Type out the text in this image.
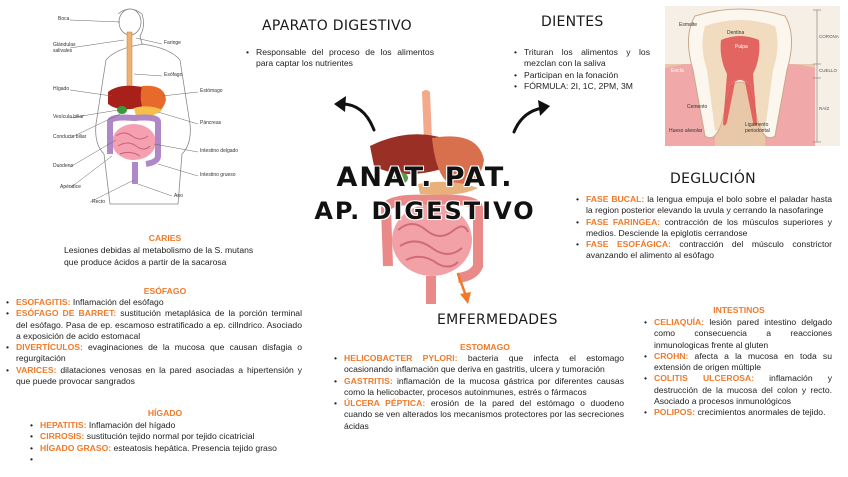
Boca
Glándulas salivales
Faringe
Esófago
Hígado	Estómago
Vesícula biliar
Páncreas
Conducto biliar
Intestino delgado
Duodeno
Intestino grueso
Apéndice
Ano
Recto
APARATO DIGESTIVO
• Responsable del proceso de los alimentos para captar los nutrientes
DIENTES
• Trituran los alimentos y los mezclan con la saliva
• Participan en la fonación
• FÓRMULA: 2I, 1C, 2PM, 3M
Esmalte
Dentina
Pulpa
CORONA
Encía	CUELLO
Cemento	RAÍZ
Hueso alveolar
Ligamento periodontal
ANAT. PAT.
AP. DIGESTIVO
DEGLUCIÓN
• FASE BUCAL: la lengua empuja el bolo sobre el paladar hasta la region posterior elevando la uvula y cerrando la nasofaringe
• FASE FARINGEA: contracción de los músculos superiores y medios. Desciende la epiglotis cerrandose
• FASE ESOFÁGICA: contracción del músculo constrictor avanzando el alimento al esófago
CARIES
Lesiones debidas al metabolismo de la S. mutans que produce ácidos a partir de la sacarosa
ESÓFAGO
• ESOFAGITIS: Inflamación del esófago
• ESÓFAGO DE BARRET: sustitución metaplásica de la porción terminal del esófago. Pasa de ep. escamoso estratificado a ep. cilIndrico. Asociado a exposición de acido estomacal
• DIVERTÍCULOS: evaginaciones de la mucosa que causan disfagia o regurgitación
• VARICES: dilataciones venosas en la pared asociadas a hipertensión y que puede provocar sangrados
HÍGADO
• HEPATITIS: Inflamación del hígado
• CIRROSIS: sustitución tejido normal por tejido cicatricial
• HÍGADO GRASO: esteatosis hepática. Presencia tejido graso
•
EMFERMEDADES
ESTOMAGO
• HELICOBACTER PYLORI: bacteria que infecta el estomago ocasionando inflamación que deriva en gastritis, ulcera y tumoración
• GASTRITIS: inflamación de la mucosa gástrica por diferentes causas como la helicobacter, procesos autoinmunes, estrés o fármacos
• ÚLCERA PÉPTICA: erosión de la pared del estómago o duodeno cuando se ven alterados los mecanismos protectores por las secreciones ácidas
INTESTINOS
• CELIAQUÍA: lesión pared intestino delgado como consecuencia a reacciones inmunologicas frente al gluten
• CROHN: afecta a la mucosa en toda su extensión de origen múltiple
• COLITIS ULCEROSA: inflamación y destrucción de la mucosa del colon y recto. Asociado a procesos inmunológicos
• POLIPOS: crecimientos anormales de tejido.
